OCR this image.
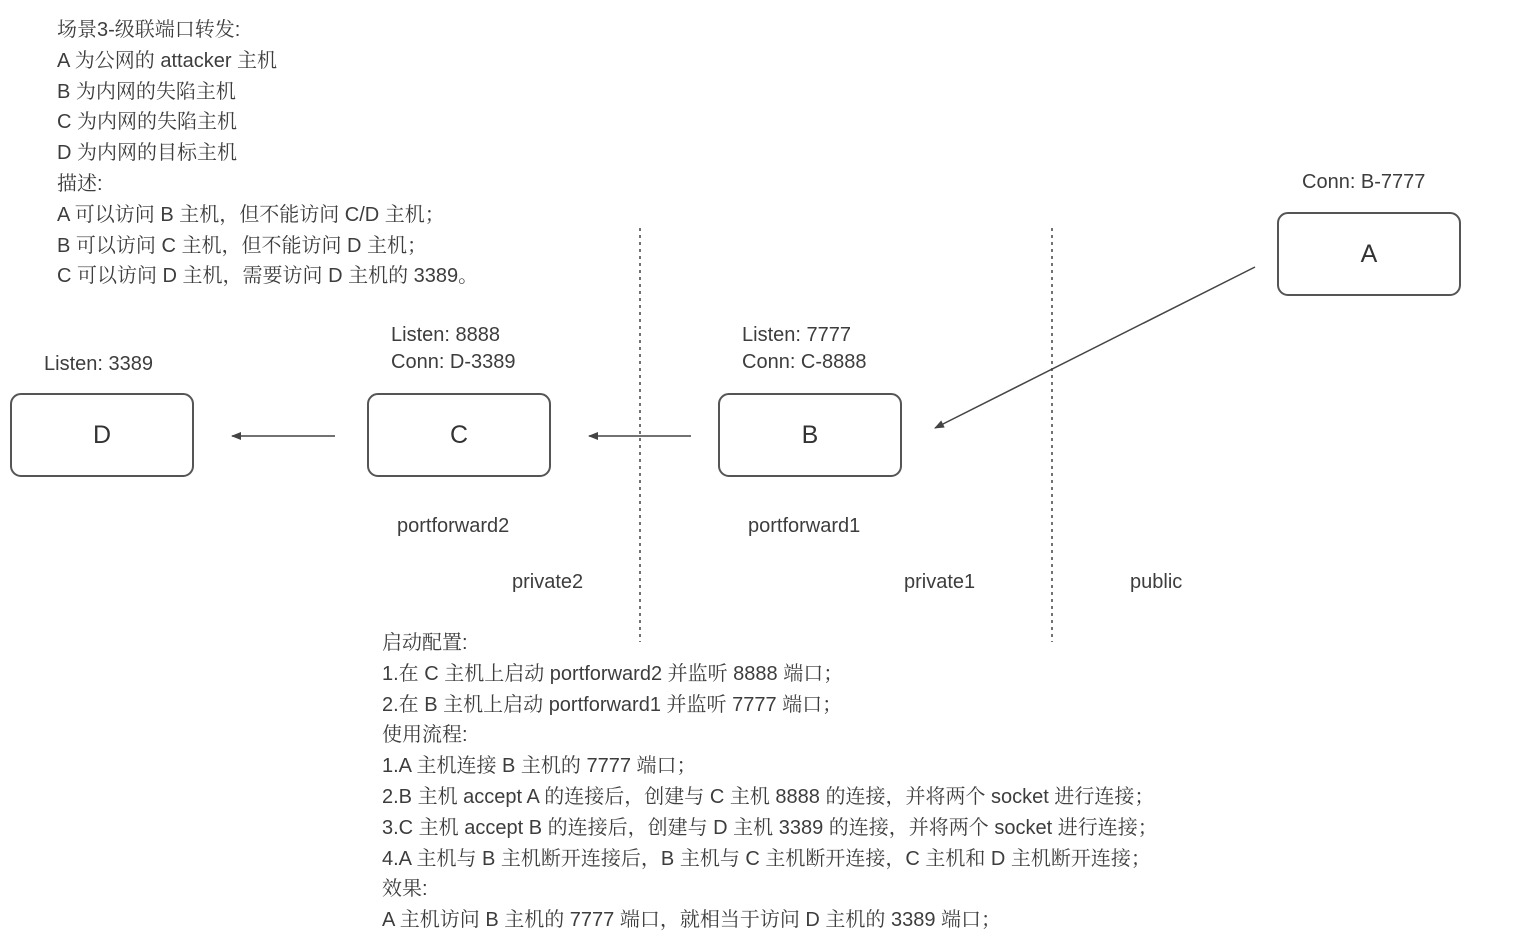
场景3-级联端口转发:
A 为公网的 attacker 主机
B 为内网的失陷主机
C 为内网的失陷主机
D 为内网的目标主机
描述:
A 可以访问 B 主机，但不能访问 C/D 主机；
B 可以访问 C 主机，但不能访问 D 主机；
C 可以访问 D 主机，需要访问 D 主机的 3389。
Conn: B-7777
A
Listen: 7777
Conn: C-8888
B
portforward1
Listen: 8888
Conn: D-3389
C
portforward2
Listen: 3389
D
private2	private1	public
启动配置:
1.在 C 主机上启动 portforward2 并监听 8888 端口；
2.在 B 主机上启动 portforward1 并监听 7777 端口；
使用流程:
1.A 主机连接 B 主机的 7777 端口；
2.B 主机 accept A 的连接后，创建与 C 主机 8888 的连接，并将两个 socket 进行连接；
3.C 主机 accept B 的连接后，创建与 D 主机 3389 的连接，并将两个 socket 进行连接；
4.A 主机与 B 主机断开连接后，B 主机与 C 主机断开连接，C 主机和 D 主机断开连接；
效果:
A 主机访问 B 主机的 7777 端口，就相当于访问 D 主机的 3389 端口；
